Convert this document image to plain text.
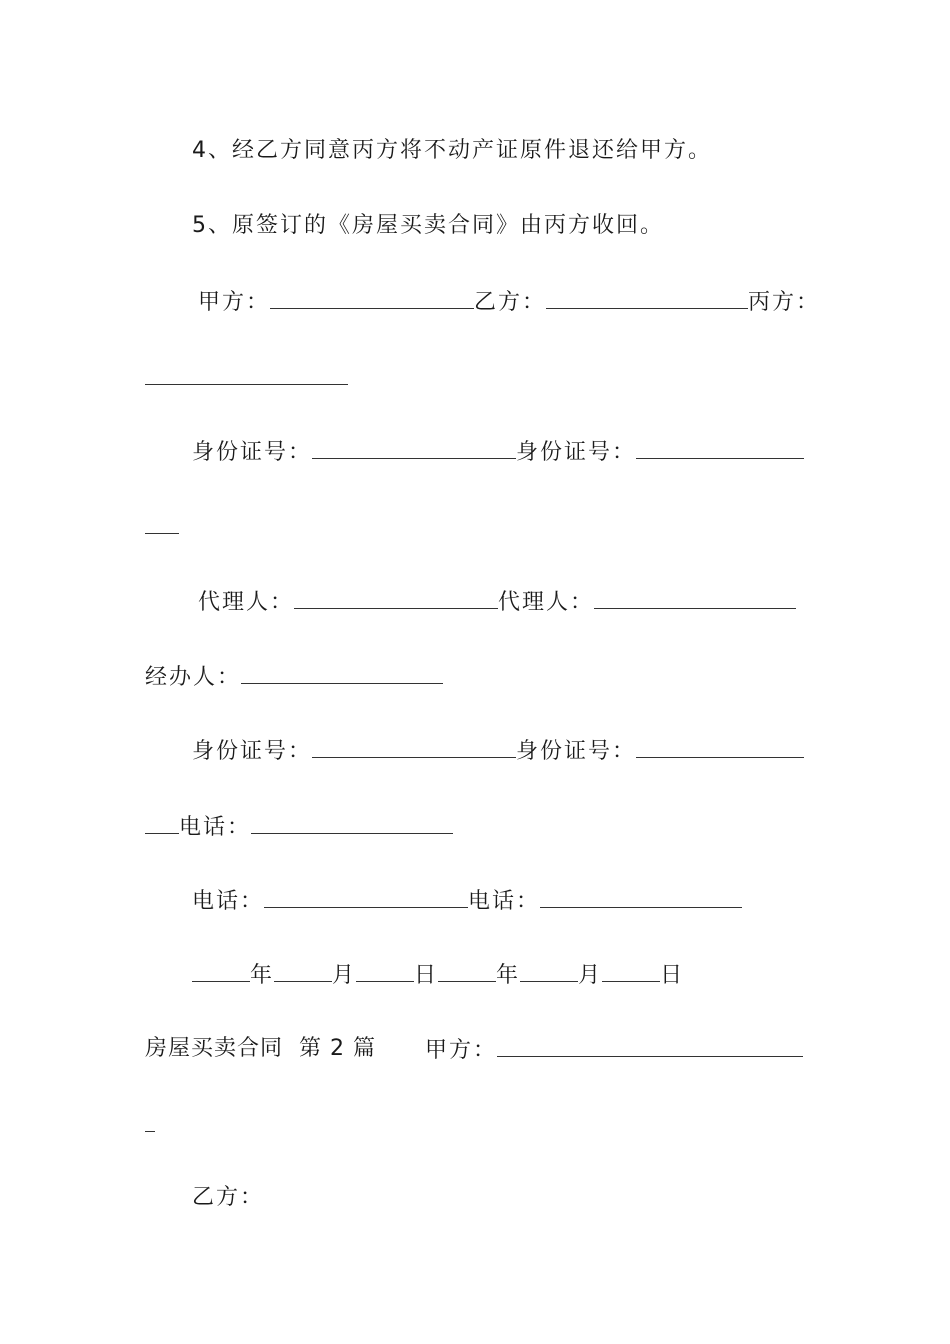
4、经乙方同意丙方将不动产证原件退还给甲方。
5、原签订的《房屋买卖合同》由丙方收回。
甲方：	乙方：	丙方：
身份证号：	身份证号：
代理人：	代理人：
经办人：
身份证号：	身份证号：
电话：
电话：	电话：
年	月	日	年	月	日
房屋买卖合同  第 2 篇 甲方：
乙方：
